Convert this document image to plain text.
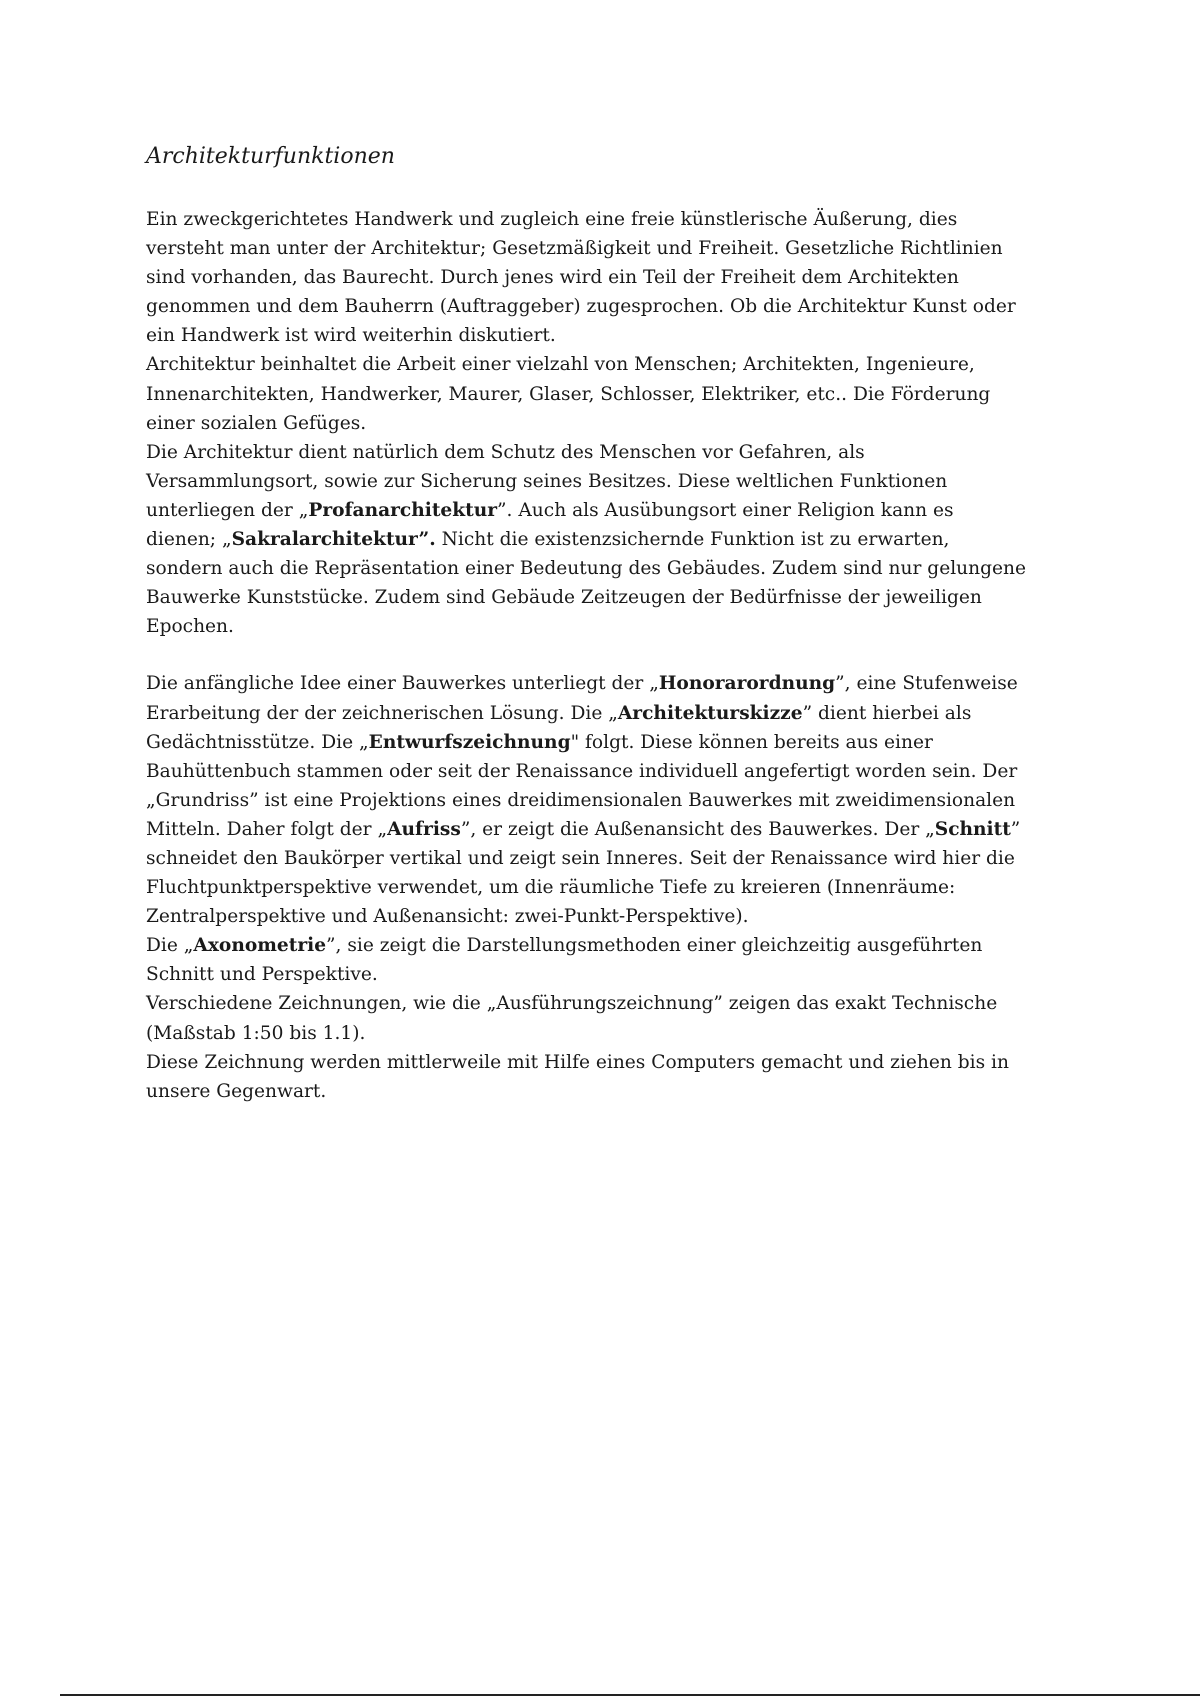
Architekturfunktionen
Ein zweckgerichtetes Handwerk und zugleich eine freie künstlerische Äußerung, dies
versteht man unter der Architektur; Gesetzmäßigkeit und Freiheit. Gesetzliche Richtlinien
sind vorhanden, das Baurecht. Durch jenes wird ein Teil der Freiheit dem Architekten
genommen und dem Bauherrn (Auftraggeber) zugesprochen. Ob die Architektur Kunst oder
ein Handwerk ist wird weiterhin diskutiert.
Architektur beinhaltet die Arbeit einer vielzahl von Menschen; Architekten, Ingenieure,
Innenarchitekten, Handwerker, Maurer, Glaser, Schlosser, Elektriker, etc.. Die Förderung
einer sozialen Gefüges.
Die Architektur dient natürlich dem Schutz des Menschen vor Gefahren, als
Versammlungsort, sowie zur Sicherung seines Besitzes. Diese weltlichen Funktionen
unterliegen der „Profanarchitektur”. Auch als Ausübungsort einer Religion kann es
dienen; „Sakralarchitektur”. Nicht die existenzsichernde Funktion ist zu erwarten,
sondern auch die Repräsentation einer Bedeutung des Gebäudes. Zudem sind nur gelungene
Bauwerke Kunststücke. Zudem sind Gebäude Zeitzeugen der Bedürfnisse der jeweiligen
Epochen.
Die anfängliche Idee einer Bauwerkes unterliegt der „Honorarordnung”, eine Stufenweise
Erarbeitung der der zeichnerischen Lösung. Die „Architekturskizze” dient hierbei als
Gedächtnisstütze. Die „Entwurfszeichnung" folgt. Diese können bereits aus einer
Bauhüttenbuch stammen oder seit der Renaissance individuell angefertigt worden sein. Der
„Grundriss” ist eine Projektions eines dreidimensionalen Bauwerkes mit zweidimensionalen
Mitteln. Daher folgt der „Aufriss”, er zeigt die Außenansicht des Bauwerkes. Der „Schnitt”
schneidet den Baukörper vertikal und zeigt sein Inneres. Seit der Renaissance wird hier die
Fluchtpunktperspektive verwendet, um die räumliche Tiefe zu kreieren (Innenräume:
Zentralperspektive und Außenansicht: zwei-Punkt-Perspektive).
Die „Axonometrie”, sie zeigt die Darstellungsmethoden einer gleichzeitig ausgeführten
Schnitt und Perspektive.
Verschiedene Zeichnungen, wie die „Ausführungszeichnung” zeigen das exakt Technische
(Maßstab 1:50 bis 1.1).
Diese Zeichnung werden mittlerweile mit Hilfe eines Computers gemacht und ziehen bis in
unsere Gegenwart.
